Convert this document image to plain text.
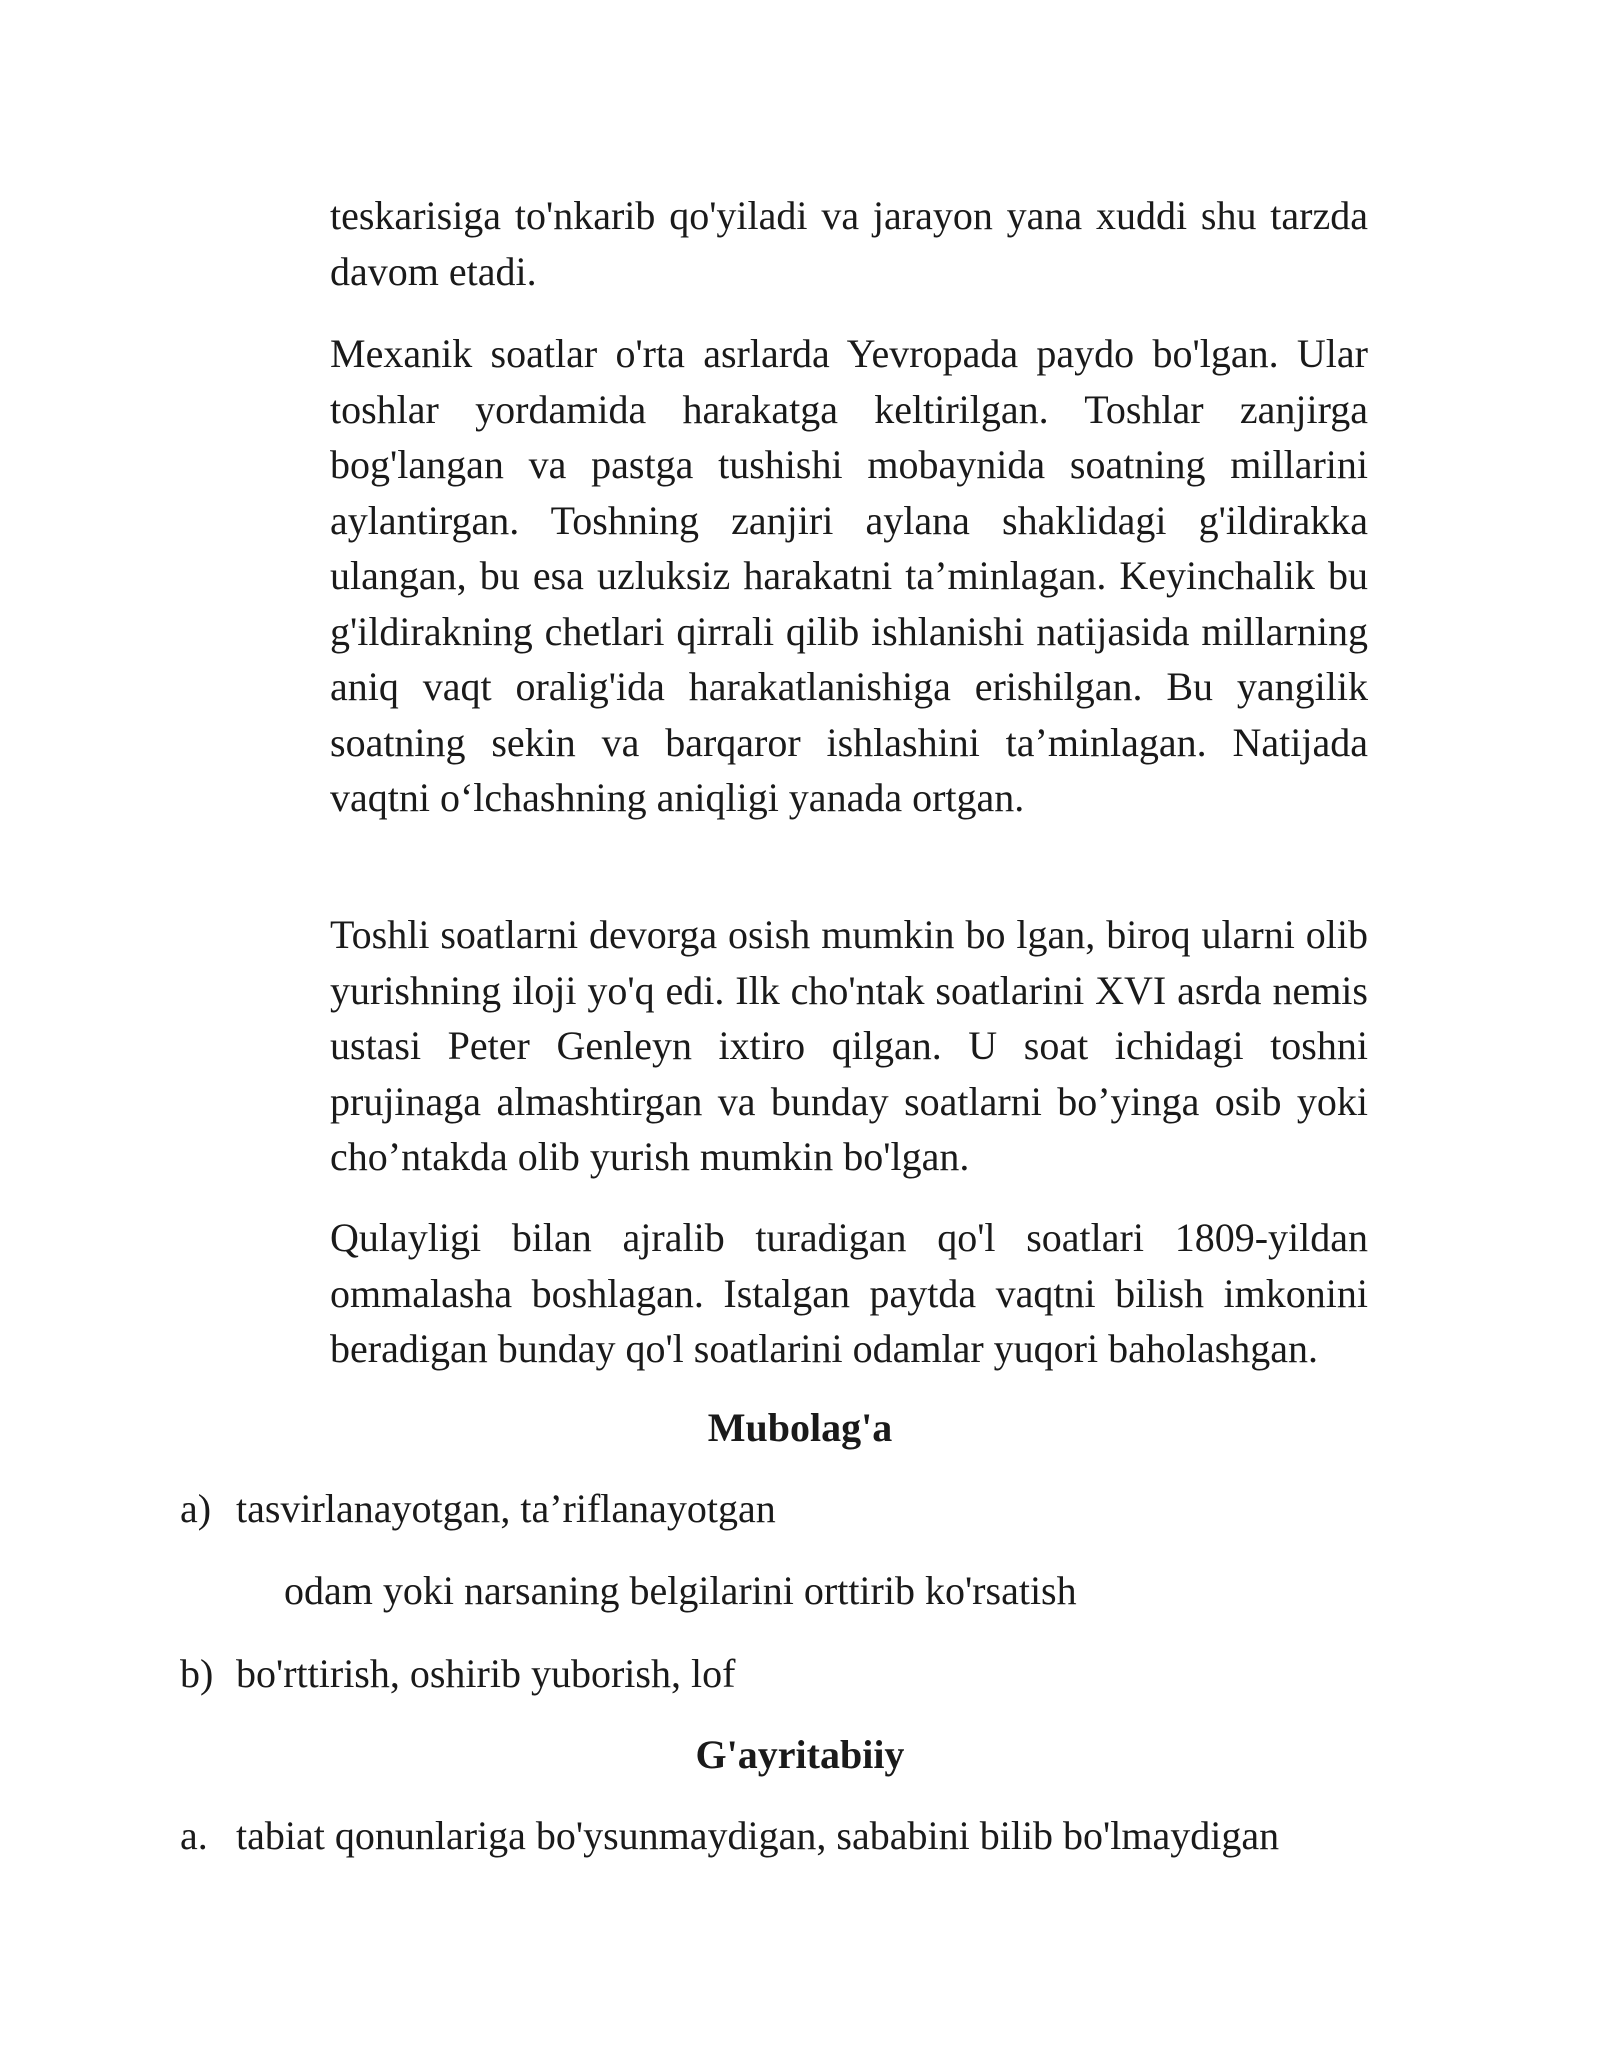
teskarisiga to'nkarib qo'yiladi va jarayon yana xuddi shu tarzda davom etadi.

Mexanik soatlar o'rta asrlarda Yevropada paydo bo'lgan. Ular toshlar yordamida harakatga keltirilgan. Toshlar zanjirga bog'langan va pastga tushishi mobaynida soatning millarini aylantirgan. Toshning zanjiri aylana shaklidagi g'ildirakka ulangan, bu esa uzluksiz harakatni ta’minlagan. Keyinchalik bu g'ildirakning chetlari qirrali qilib ishlanishi natijasida millarning aniq vaqt oralig'ida harakatlanishiga erishilgan. Bu yangilik soatning sekin va barqaror ishlashini ta’minlagan. Natijada vaqtni o‘lchashning aniqligi yanada ortgan.

Toshli soatlarni devorga osish mumkin bo lgan, biroq ularni olib yurishning iloji yo'q edi. Ilk cho'ntak soatlarini XVI asrda nemis ustasi Peter Genleyn ixtiro qilgan. U soat ichidagi toshni prujinaga almashtirgan va bunday soatlarni bo’yinga osib yoki cho’ntakda olib yurish mumkin bo'lgan.

Qulayligi bilan ajralib turadigan qo'l soatlari 1809-yildan ommalasha boshlagan. Istalgan paytda vaqtni bilish imkonini beradigan bunday qo'l soatlarini odamlar yuqori baholashgan.

Mubolag'a
a) tasvirlanayotgan, ta’riflanayotgan
odam yoki narsaning belgilarini orttirib ko'rsatish
b) bo'rttirish, oshirib yuborish, lof
G'ayritabiiy
a. tabiat qonunlariga bo'ysunmaydigan, sababini bilib bo'lmaydigan
